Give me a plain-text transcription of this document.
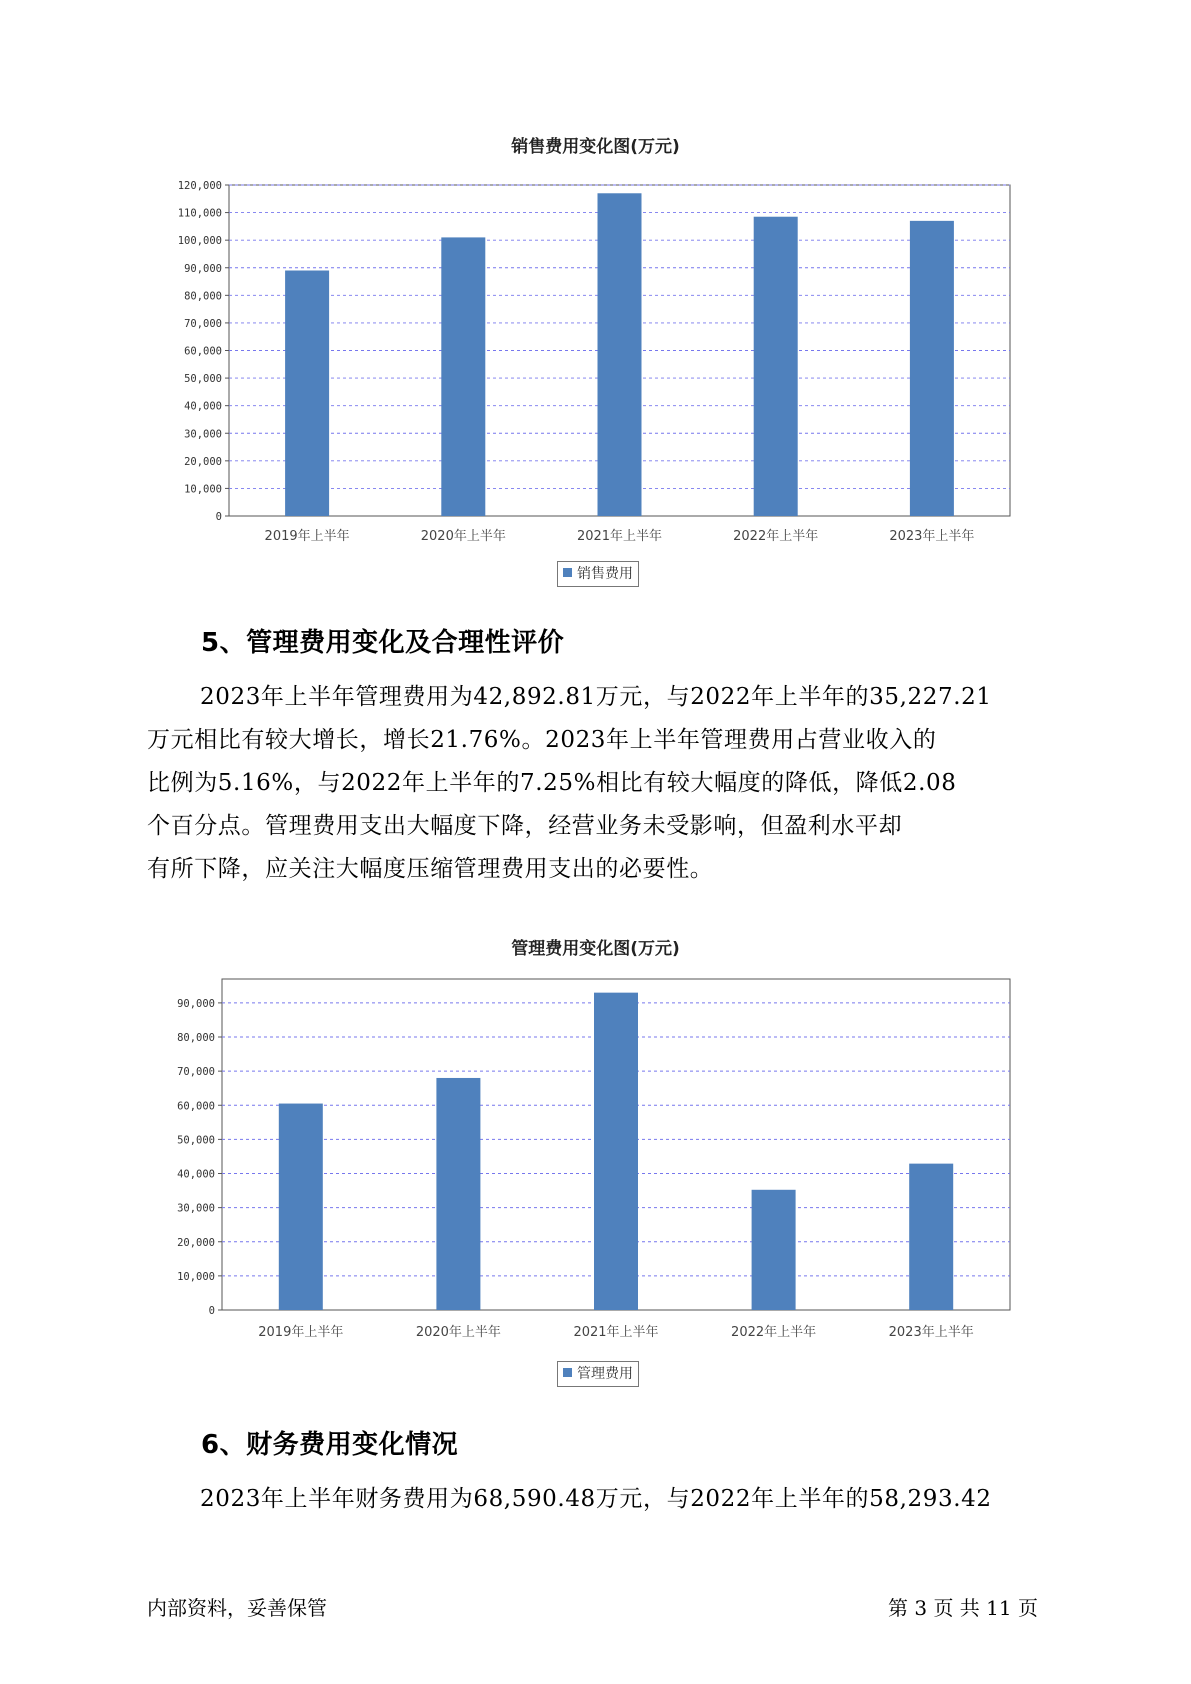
销售费用变化图(万元)
0
10,000
20,000
30,000
40,000
50,000
60,000
70,000
80,000
90,000
100,000
110,000
120,000
2019年上半年	2020年上半年	2021年上半年	2022年上半年	2023年上半年
销售费用
5、管理费用变化及合理性评价
2023年上半年管理费用为42,892.81万元，与2022年上半年的35,227.21
万元相比有较大增长，增长21.76%。2023年上半年管理费用占营业收入的
比例为5.16%，与2022年上半年的7.25%相比有较大幅度的降低，降低2.08
个百分点。管理费用支出大幅度下降，经营业务未受影响，但盈利水平却
有所下降，应关注大幅度压缩管理费用支出的必要性。
管理费用变化图(万元)
0
10,000
20,000
30,000
40,000
50,000
60,000
70,000
80,000
90,000
2019年上半年	2020年上半年	2021年上半年	2022年上半年	2023年上半年
管理费用
6、财务费用变化情况
2023年上半年财务费用为68,590.48万元，与2022年上半年的58,293.42
内部资料，妥善保管	第 3 页 共 11 页
